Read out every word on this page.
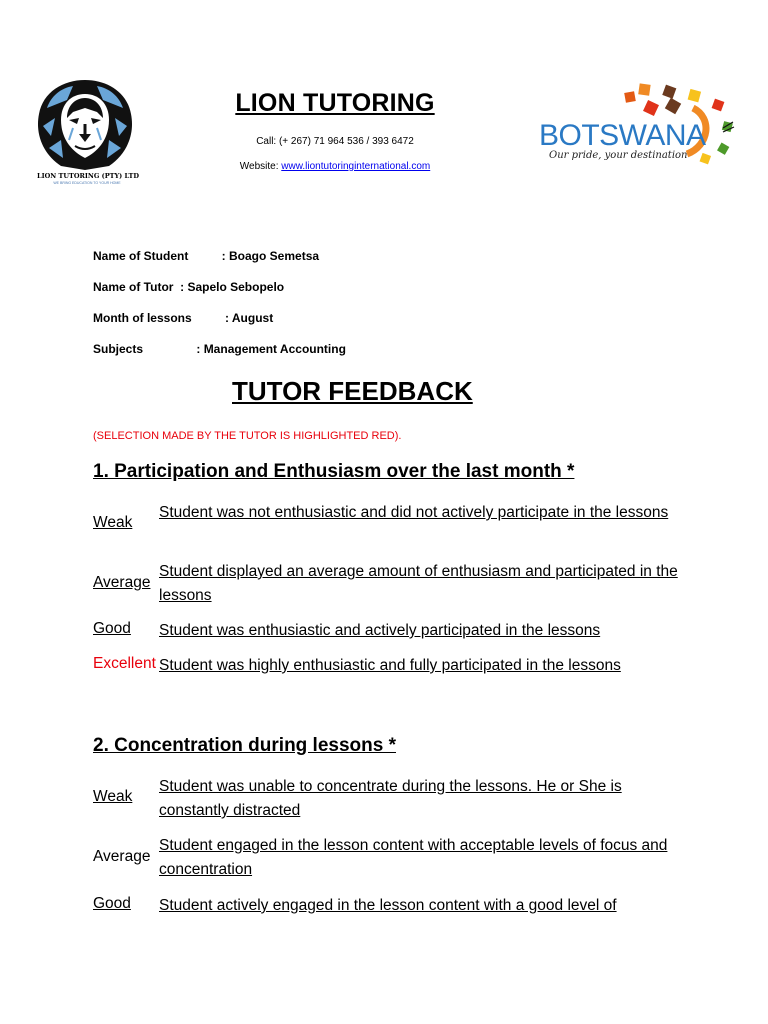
LION TUTORING (PTY) LTD
WE BRING EDUCATION TO YOUR HOME
LION TUTORING
Call: (+ 267) 71 964 536 / 393 6472
Website: www.liontutoringinternational.com
BOTSWANA
Our pride, your destination
Name of Student          : Boago Semetsa
Name of Tutor  : Sapelo Sebopelo
Month of lessons          : August
Subjects                : Management Accounting
TUTOR FEEDBACK
(SELECTION MADE BY THE TUTOR IS HIGHLIGHTED RED).
1. Participation and Enthusiasm over the last month *
Weak
Student was not enthusiastic and did not actively participate in the lessons
Average
Student displayed an average amount of enthusiasm and participated in the lessons
Good Student was enthusiastic and actively participated in the lessons
Excellent Student was highly enthusiastic and fully participated in the lessons
2. Concentration during lessons *
Weak
Student was unable to concentrate during the lessons. He or She is constantly distracted
Average
Student engaged in the lesson content with acceptable levels of focus and concentration
Good Student actively engaged in the lesson content with a good level of
